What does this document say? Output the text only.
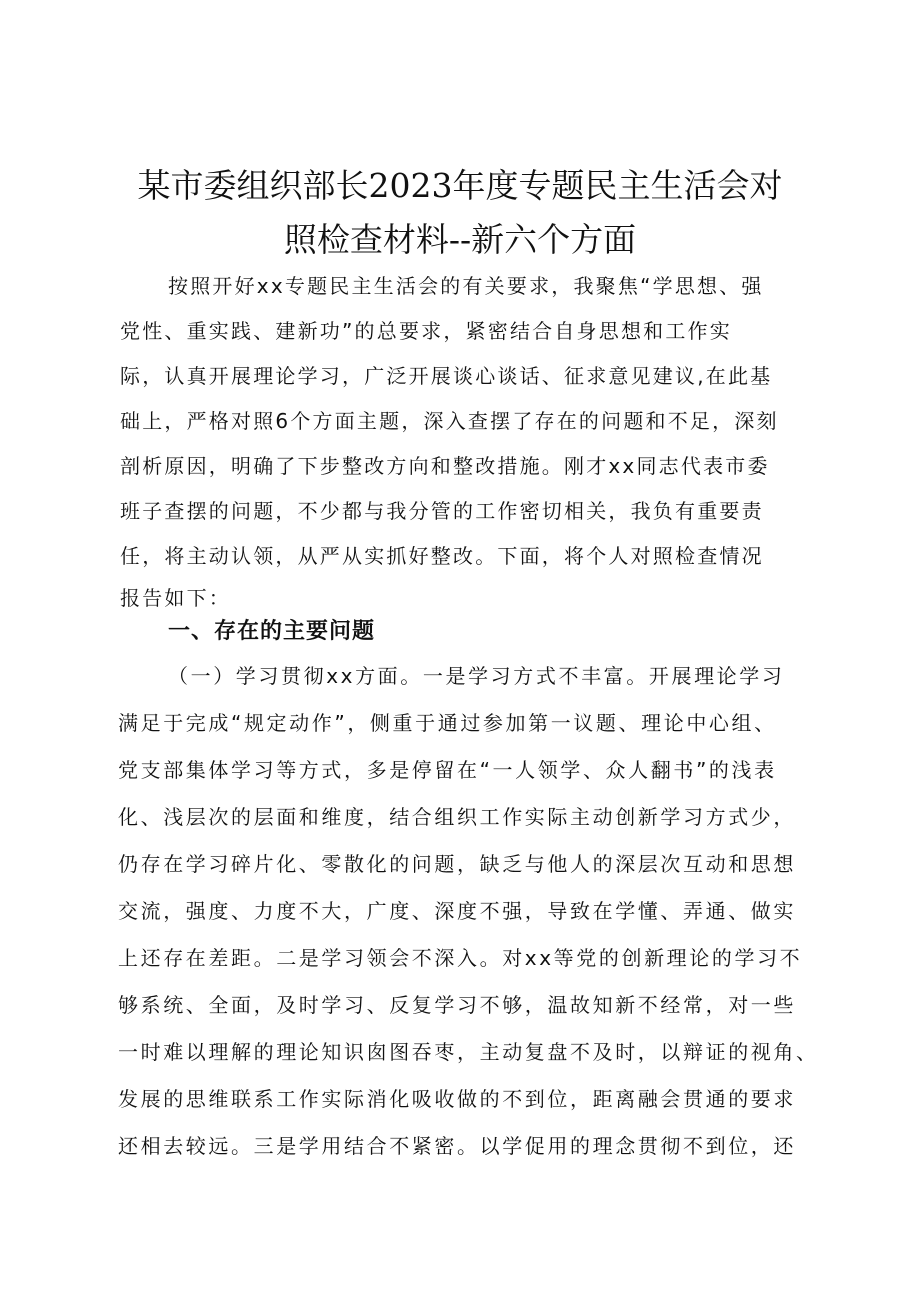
某市委组织部长2023年度专题民主生活会对
照检查材料--新六个方面
按照开好xx专题民主生活会的有关要求，我聚焦“学思想、强
党性、重实践、建新功”的总要求，紧密结合自身思想和工作实
际，认真开展理论学习，广泛开展谈心谈话、征求意见建议,在此基
础上，严格对照6个方面主题，深入查摆了存在的问题和不足，深刻
剖析原因，明确了下步整改方向和整改措施。刚才xx同志代表市委
班子查摆的问题，不少都与我分管的工作密切相关，我负有重要责
任，将主动认领，从严从实抓好整改。下面，将个人对照检查情况
报告如下：
一、存在的主要问题
（一）学习贯彻xx方面。一是学习方式不丰富。开展理论学习
满足于完成“规定动作”，侧重于通过参加第一议题、理论中心组、
党支部集体学习等方式，多是停留在“一人领学、众人翻书”的浅表
化、浅层次的层面和维度，结合组织工作实际主动创新学习方式少，
仍存在学习碎片化、零散化的问题，缺乏与他人的深层次互动和思想
交流，强度、力度不大，广度、深度不强，导致在学懂、弄通、做实
上还存在差距。二是学习领会不深入。对xx等党的创新理论的学习不
够系统、全面，及时学习、反复学习不够，温故知新不经常，对一些
一时难以理解的理论知识囱图吞枣，主动复盘不及时，以辩证的视角、
发展的思维联系工作实际消化吸收做的不到位，距离融会贯通的要求
还相去较远。三是学用结合不紧密。以学促用的理念贯彻不到位，还
